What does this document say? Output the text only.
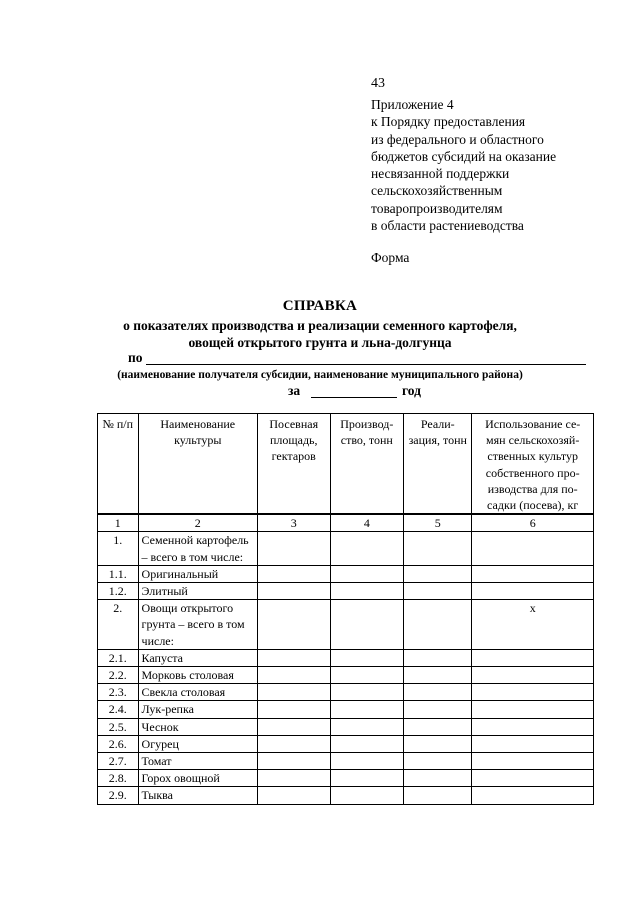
43
Приложение 4
к Порядку предоставления
из федерального и областного
бюджетов субсидий на оказание
несвязанной поддержки
сельскохозяйственным
товаропроизводителям
в области растениеводства
Форма
СПРАВКА
о показателях производства и реализации семенного картофеля,
овощей открытого грунта и льна-долгунца
по
(наименование получателя субсидии, наименование муниципального района)
за	год
№ п/п	Наименование культуры	Посевная площадь, гектаров	Производ-ство, тонн	Реали-зация, тонн	Использование се-мян сельскохозяй-ственных культур собственного про-изводства для по-садки (посева), кг
1	2	3	4	5	6
1.	Семенной картофель – всего в том числе:				
1.1.	Оригинальный				
1.2.	Элитный				
2.	Овощи открытого грунта – всего в том числе:				х
2.1.	Капуста				
2.2.	Морковь столовая				
2.3.	Свекла столовая				
2.4.	Лук-репка				
2.5.	Чеснок				
2.6.	Огурец				
2.7.	Томат				
2.8.	Горох овощной				
2.9.	Тыква				
